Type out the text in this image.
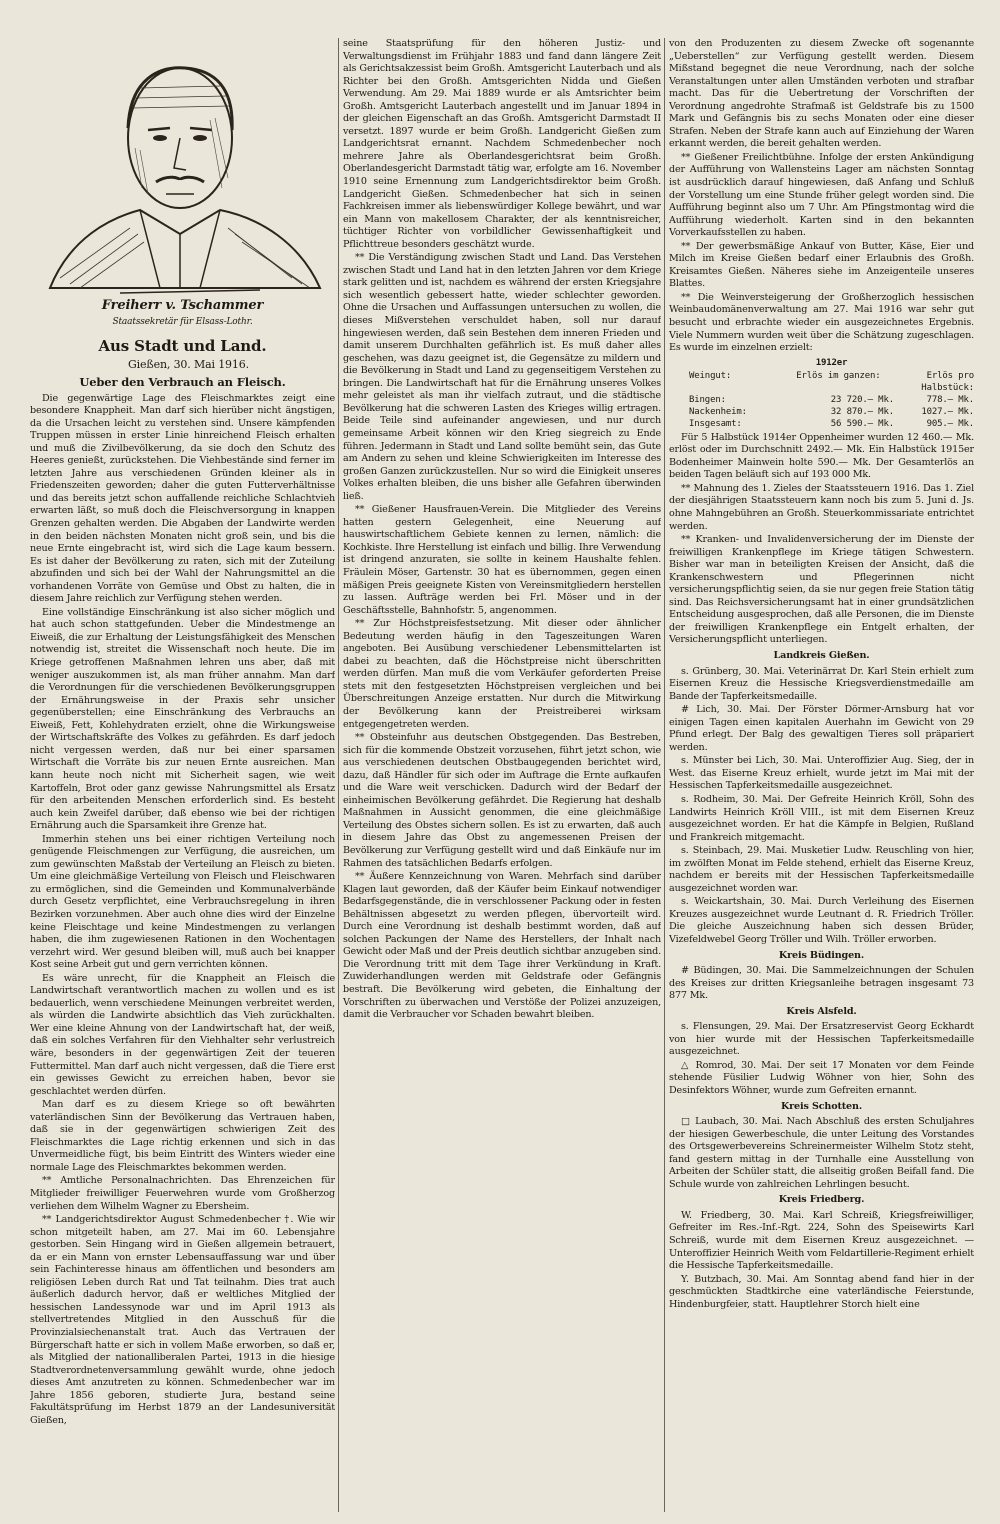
Freiherr v. Tschammer
Staatssekretär für Elsass-Lothr.

Aus Stadt und Land.

Gießen, 30. Mai 1916.

Ueber den Verbrauch an Fleisch.

Die gegenwärtige Lage des Fleischmarktes zeigt eine besondere Knappheit. Man darf sich hierüber nicht ängstigen, da die Ursachen leicht zu verstehen sind. Unsere kämpfenden Truppen müssen in erster Linie hinreichend Fleisch erhalten und muß die Zivilbevölkerung, da sie doch den Schutz des Heeres genießt, zurückstehen. Die Viehbestände sind ferner im letzten Jahre aus verschiedenen Gründen kleiner als in Friedenszeiten geworden; daher die guten Futterverhältnisse und das bereits jetzt schon auffallende reichliche Schlachtvieh erwarten läßt, so muß doch die Fleischversorgung in knappen Grenzen gehalten werden. Die Abgaben der Landwirte werden in den beiden nächsten Monaten nicht groß sein, und bis die neue Ernte eingebracht ist, wird sich die Lage kaum bessern. Es ist daher der Bevölkerung zu raten, sich mit der Zuteilung abzufinden und sich bei der Wahl der Nahrungsmittel an die vorhandenen Vorräte von Gemüse und Obst zu halten, die in diesem Jahre reichlich zur Verfügung stehen werden.

Eine vollständige Einschränkung ist also sicher möglich und hat auch schon stattgefunden. Ueber die Mindestmenge an Eiweiß, die zur Erhaltung der Leistungsfähigkeit des Menschen notwendig ist, streitet die Wissenschaft noch heute. Die im Kriege getroffenen Maßnahmen lehren uns aber, daß mit weniger auszukommen ist, als man früher annahm. Man darf die Verordnungen für die verschiedenen Bevölkerungsgruppen der Ernährungsweise in der Praxis sehr unsicher gegenüberstellen; eine Einschränkung des Verbrauchs an Eiweiß, Fett, Kohlehydraten erzielt, ohne die Wirkungsweise der Wirtschaftskräfte des Volkes zu gefährden. Es darf jedoch nicht vergessen werden, daß nur bei einer sparsamen Wirtschaft die Vorräte bis zur neuen Ernte ausreichen. Man kann heute noch nicht mit Sicherheit sagen, wie weit Kartoffeln, Brot oder ganz gewisse Nahrungsmittel als Ersatz für den arbeitenden Menschen erforderlich sind. Es besteht auch kein Zweifel darüber, daß ebenso wie bei der richtigen Ernährung auch die Sparsamkeit ihre Grenze hat.

Immerhin stehen uns bei einer richtigen Verteilung noch genügende Fleischmengen zur Verfügung, die ausreichen, um zum gewünschten Maßstab der Verteilung an Fleisch zu bieten. Um eine gleichmäßige Verteilung von Fleisch und Fleischwaren zu ermöglichen, sind die Gemeinden und Kommunalverbände durch Gesetz verpflichtet, eine Verbrauchsregelung in ihren Bezirken vorzunehmen. Aber auch ohne dies wird der Einzelne keine Fleischtage und keine Mindestmengen zu verlangen haben, die ihm zugewiesenen Rationen in den Wochentagen verzehrt wird. Wer gesund bleiben will, muß auch bei knapper Kost seine Arbeit gut und gern verrichten können.

Es wäre unrecht, für die Knappheit an Fleisch die Landwirtschaft verantwortlich machen zu wollen und es ist bedauerlich, wenn verschiedene Meinungen verbreitet werden, als würden die Landwirte absichtlich das Vieh zurückhalten. Wer eine kleine Ahnung von der Landwirtschaft hat, der weiß, daß ein solches Verfahren für den Viehhalter sehr verlustreich wäre, besonders in der gegenwärtigen Zeit der teueren Futtermittel. Man darf auch nicht vergessen, daß die Tiere erst ein gewisses Gewicht zu erreichen haben, bevor sie geschlachtet werden dürfen.

Man darf es zu diesem Kriege so oft bewährten vaterländischen Sinn der Bevölkerung das Vertrauen haben, daß sie in der gegenwärtigen schwierigen Zeit des Fleischmarktes die Lage richtig erkennen und sich in das Unvermeidliche fügt, bis beim Eintritt des Winters wieder eine normale Lage des Fleischmarktes bekommen werden.

** Amtliche Personalnachrichten. Das Ehrenzeichen für Mitglieder freiwilliger Feuerwehren wurde vom Großherzog verliehen dem Wilhelm Wagner zu Ebersheim.

** Landgerichtsdirektor August Schmedenbecher †. Wie wir schon mitgeteilt haben, am 27. Mai im 60. Lebensjahre gestorben. Sein Hingang wird in Gießen allgemein betrauert, da er ein Mann von ernster Lebensauffassung war und über sein Fachinteresse hinaus am öffentlichen und besonders am religiösen Leben durch Rat und Tat teilnahm. Dies trat auch äußerlich dadurch hervor, daß er weltliches Mitglied der hessischen Landessynode war und im April 1913 als stellvertretendes Mitglied in den Ausschuß für die Provinzialsiechenanstalt trat. Auch das Vertrauen der Bürgerschaft hatte er sich in vollem Maße erworben, so daß er, als Mitglied der nationalliberalen Partei, 1913 in die hiesige Stadtverordnetenversammlung gewählt wurde, ohne jedoch dieses Amt anzutreten zu können. Schmedenbecher war im Jahre 1856 geboren, studierte Jura, bestand seine Fakultätsprüfung im Herbst 1879 an der Landesuniversität Gießen,

seine Staatsprüfung für den höheren Justiz- und Verwaltungsdienst im Frühjahr 1883 und fand dann längere Zeit als Gerichtsakzessist beim Großh. Amtsgericht Lauterbach und als Richter bei den Großh. Amtsgerichten Nidda und Gießen Verwendung. Am 29. Mai 1889 wurde er als Amtsrichter beim Großh. Amtsgericht Lauterbach angestellt und im Januar 1894 in der gleichen Eigenschaft an das Großh. Amtsgericht Darmstadt II versetzt. 1897 wurde er beim Großh. Landgericht Gießen zum Landgerichtsrat ernannt. Nachdem Schmedenbecher noch mehrere Jahre als Oberlandesgerichtsrat beim Großh. Oberlandesgericht Darmstadt tätig war, erfolgte am 16. November 1910 seine Ernennung zum Landgerichtsdirektor beim Großh. Landgericht Gießen. Schmedenbecher hat sich in seinen Fachkreisen immer als liebenswürdiger Kollege bewährt, und war ein Mann von makellosem Charakter, der als kenntnisreicher, tüchtiger Richter von vorbildlicher Gewissenhaftigkeit und Pflichttreue besonders geschätzt wurde.

** Die Verständigung zwischen Stadt und Land. Das Verstehen zwischen Stadt und Land hat in den letzten Jahren vor dem Kriege stark gelitten und ist, nachdem es während der ersten Kriegsjahre sich wesentlich gebessert hatte, wieder schlechter geworden. Ohne die Ursachen und Auffassungen untersuchen zu wollen, die dieses Mißverstehen verschuldet haben, soll nur darauf hingewiesen werden, daß sein Bestehen dem inneren Frieden und damit unserem Durchhalten gefährlich ist. Es muß daher alles geschehen, was dazu geeignet ist, die Gegensätze zu mildern und die Bevölkerung in Stadt und Land zu gegenseitigem Verstehen zu bringen. Die Landwirtschaft hat für die Ernährung unseres Volkes mehr geleistet als man ihr vielfach zutraut, und die städtische Bevölkerung hat die schweren Lasten des Krieges willig ertragen. Beide Teile sind aufeinander angewiesen, und nur durch gemeinsame Arbeit können wir den Krieg siegreich zu Ende führen. Jedermann in Stadt und Land sollte bemüht sein, das Gute am Andern zu sehen und kleine Schwierigkeiten im Interesse des großen Ganzen zurückzustellen. Nur so wird die Einigkeit unseres Volkes erhalten bleiben, die uns bisher alle Gefahren überwinden ließ.

** Gießener Hausfrauen-Verein. Die Mitglieder des Vereins hatten gestern Gelegenheit, eine Neuerung auf hauswirtschaftlichem Gebiete kennen zu lernen, nämlich: die Kochkiste. Ihre Herstellung ist einfach und billig. Ihre Verwendung ist dringend anzuraten, sie sollte in keinem Haushalte fehlen. Fräulein Möser, Gartenstr. 30 hat es übernommen, gegen einen mäßigen Preis geeignete Kisten von Vereinsmitgliedern herstellen zu lassen. Aufträge werden bei Frl. Möser und in der Geschäftsstelle, Bahnhofstr. 5, angenommen.

** Zur Höchstpreisfestsetzung. Mit dieser oder ähnlicher Bedeutung werden häufig in den Tageszeitungen Waren angeboten. Bei Ausübung verschiedener Lebensmittelarten ist dabei zu beachten, daß die Höchstpreise nicht überschritten werden dürfen. Man muß die vom Verkäufer geforderten Preise stets mit den festgesetzten Höchstpreisen vergleichen und bei Überschreitungen Anzeige erstatten. Nur durch die Mitwirkung der Bevölkerung kann der Preistreiberei wirksam entgegengetreten werden.

** Obsteinfuhr aus deutschen Obstgegenden. Das Bestreben, sich für die kommende Obstzeit vorzusehen, führt jetzt schon, wie aus verschiedenen deutschen Obstbaugegenden berichtet wird, dazu, daß Händler für sich oder im Auftrage die Ernte aufkaufen und die Ware weit verschicken. Dadurch wird der Bedarf der einheimischen Bevölkerung gefährdet. Die Regierung hat deshalb Maßnahmen in Aussicht genommen, die eine gleichmäßige Verteilung des Obstes sichern sollen. Es ist zu erwarten, daß auch in diesem Jahre das Obst zu angemessenen Preisen der Bevölkerung zur Verfügung gestellt wird und daß Einkäufe nur im Rahmen des tatsächlichen Bedarfs erfolgen.

** Äußere Kennzeichnung von Waren. Mehrfach sind darüber Klagen laut geworden, daß der Käufer beim Einkauf notwendiger Bedarfsgegenstände, die in verschlossener Packung oder in festen Behältnissen abgesetzt zu werden pflegen, übervorteilt wird. Durch eine Verordnung ist deshalb bestimmt worden, daß auf solchen Packungen der Name des Herstellers, der Inhalt nach Gewicht oder Maß und der Preis deutlich sichtbar anzugeben sind. Die Verordnung tritt mit dem Tage ihrer Verkündung in Kraft. Zuwiderhandlungen werden mit Geldstrafe oder Gefängnis bestraft. Die Bevölkerung wird gebeten, die Einhaltung der Vorschriften zu überwachen und Verstöße der Polizei anzuzeigen, damit die Verbraucher vor Schaden bewahrt bleiben.

von den Produzenten zu diesem Zwecke oft sogenannte „Ueberstellen“ zur Verfügung gestellt werden. Diesem Mißstand begegnet die neue Verordnung, nach der solche Veranstaltungen unter allen Umständen verboten und strafbar macht. Das für die Uebertretung der Vorschriften der Verordnung angedrohte Strafmaß ist Geldstrafe bis zu 1500 Mark und Gefängnis bis zu sechs Monaten oder eine dieser Strafen. Neben der Strafe kann auch auf Einziehung der Waren erkannt werden, die bereit gehalten werden.

** Gießener Freilichtbühne. Infolge der ersten Ankündigung der Aufführung von Wallensteins Lager am nächsten Sonntag ist ausdrücklich darauf hingewiesen, daß Anfang und Schluß der Vorstellung um eine Stunde früher gelegt worden sind. Die Aufführung beginnt also um 7 Uhr. Am Pfingstmontag wird die Aufführung wiederholt. Karten sind in den bekannten Vorverkaufsstellen zu haben.

** Der gewerbsmäßige Ankauf von Butter, Käse, Eier und Milch im Kreise Gießen bedarf einer Erlaubnis des Großh. Kreisamtes Gießen. Näheres siehe im Anzeigenteile unseres Blattes.

** Die Weinversteigerung der Großherzoglich hessischen Weinbaudomänenverwaltung am 27. Mai 1916 war sehr gut besucht und erbrachte wieder ein ausgezeichnetes Ergebnis. Viele Nummern wurden weit über die Schätzung zugeschlagen. Es wurde im einzelnen erzielt:

1912er
Weingut:	Erlös im ganzen:	Erlös pro Halbstück:
Bingen:	23 720.— Mk.	778.— Mk.
Nackenheim:	32 870.— Mk.	1027.— Mk.
Insgesamt:	56 590.— Mk.	905.— Mk.

Für 5 Halbstück 1914er Oppenheimer wurden 12 460.— Mk. erlöst oder im Durchschnitt 2492.— Mk. Ein Halbstück 1915er Bodenheimer Mainwein holte 590.— Mk. Der Gesamterlös an beiden Tagen beläuft sich auf 193 000 Mk.

** Mahnung des 1. Zieles der Staatssteuern 1916. Das 1. Ziel der diesjährigen Staatssteuern kann noch bis zum 5. Juni d. Js. ohne Mahngebühren an Großh. Steuerkommissariate entrichtet werden.

** Kranken- und Invalidenversicherung der im Dienste der freiwilligen Krankenpflege im Kriege tätigen Schwestern. Bisher war man in beteiligten Kreisen der Ansicht, daß die Krankenschwestern und Pflegerinnen nicht versicherungspflichtig seien, da sie nur gegen freie Station tätig sind. Das Reichsversicherungsamt hat in einer grundsätzlichen Entscheidung ausgesprochen, daß alle Personen, die im Dienste der freiwilligen Krankenpflege ein Entgelt erhalten, der Versicherungspflicht unterliegen.

Landkreis Gießen.

s. Grünberg, 30. Mai. Veterinärrat Dr. Karl Stein erhielt zum Eisernen Kreuz die Hessische Kriegsverdienstmedaille am Bande der Tapferkeitsmedaille.

# Lich, 30. Mai. Der Förster Dörmer-Arnsburg hat vor einigen Tagen einen kapitalen Auerhahn im Gewicht von 29 Pfund erlegt. Der Balg des gewaltigen Tieres soll präpariert werden.

s. Münster bei Lich, 30. Mai. Unteroffizier Aug. Sieg, der in West. das Eiserne Kreuz erhielt, wurde jetzt im Mai mit der Hessischen Tapferkeitsmedaille ausgezeichnet.

s. Rodheim, 30. Mai. Der Gefreite Heinrich Kröll, Sohn des Landwirts Heinrich Kröll VIII., ist mit dem Eisernen Kreuz ausgezeichnet worden. Er hat die Kämpfe in Belgien, Rußland und Frankreich mitgemacht.

s. Steinbach, 29. Mai. Musketier Ludw. Reuschling von hier, im zwölften Monat im Felde stehend, erhielt das Eiserne Kreuz, nachdem er bereits mit der Hessischen Tapferkeitsmedaille ausgezeichnet worden war.

s. Weickartshain, 30. Mai. Durch Verleihung des Eisernen Kreuzes ausgezeichnet wurde Leutnant d. R. Friedrich Tröller. Die gleiche Auszeichnung haben sich dessen Brüder, Vizefeldwebel Georg Tröller und Wilh. Tröller erworben.

Kreis Büdingen.

# Büdingen, 30. Mai. Die Sammelzeichnungen der Schulen des Kreises zur dritten Kriegsanleihe betragen insgesamt 73 877 Mk.

Kreis Alsfeld.

s. Flensungen, 29. Mai. Der Ersatzreservist Georg Eckhardt von hier wurde mit der Hessischen Tapferkeitsmedaille ausgezeichnet.

△ Romrod, 30. Mai. Der seit 17 Monaten vor dem Feinde stehende Füsilier Ludwig Wöhner von hier, Sohn des Desinfektors Wöhner, wurde zum Gefreiten ernannt.

Kreis Schotten.

□ Laubach, 30. Mai. Nach Abschluß des ersten Schuljahres der hiesigen Gewerbeschule, die unter Leitung des Vorstandes des Ortsgewerbevereins Schreinermeister Wilhelm Stotz steht, fand gestern mittag in der Turnhalle eine Ausstellung von Arbeiten der Schüler statt, die allseitig großen Beifall fand. Die Schule wurde von zahlreichen Lehrlingen besucht.

Kreis Friedberg.

W. Friedberg, 30. Mai. Karl Schreiß, Kriegsfreiwilliger, Gefreiter im Res.-Inf.-Rgt. 224, Sohn des Speisewirts Karl Schreiß, wurde mit dem Eisernen Kreuz ausgezeichnet. — Unteroffizier Heinrich Weith vom Feldartillerie-Regiment erhielt die Hessische Tapferkeitsmedaille.

Y. Butzbach, 30. Mai. Am Sonntag abend fand hier in der geschmückten Stadtkirche eine vaterländische Feierstunde, Hindenburgfeier, statt. Hauptlehrer Storch hielt eine
